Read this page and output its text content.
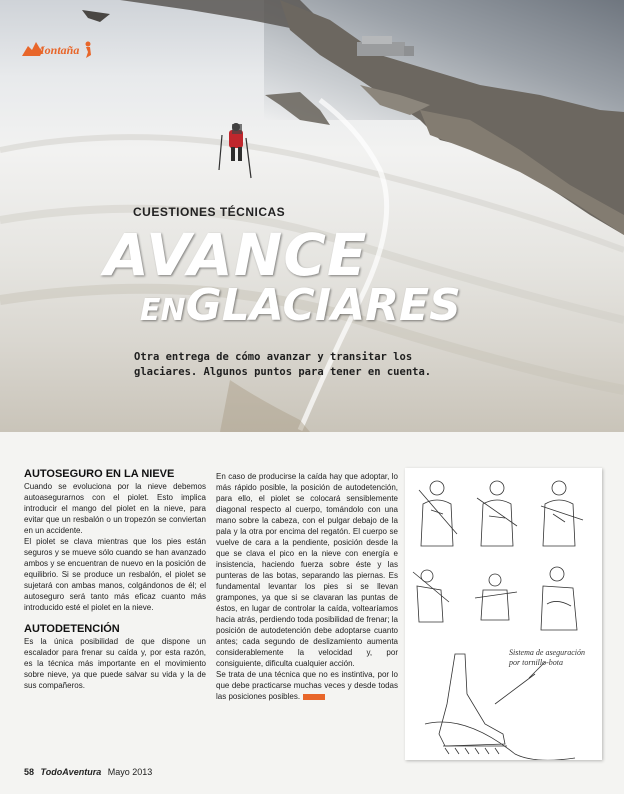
Montaña
CUESTIONES TÉCNICAS
AVANCE
ENGLACIARES
Otra entrega de cómo avanzar y transitar los glaciares. Algunos puntos para tener en cuenta.
AUTOSEGURO EN LA NIEVE

Cuando se evoluciona por la nieve debemos autoasegurarnos con el piolet. Esto implica introducir el mango del piolet en la nieve, para evitar que un resbalón o un tropezón se conviertan en un accidente.

El piolet se clava mientras que los pies están seguros y se mueve sólo cuando se han avanzado ambos y se encuentran de nuevo en la posición de equilibrio. Si se produce un resbalón, el piolet se sujetará con ambas manos, colgándonos de él; el autoseguro será tanto más eficaz cuanto más introducido esté el piolet en la nieve.

AUTODETENCIÓN

Es la única posibilidad de que dispone un escalador para frenar su caída y, por esta razón, es la técnica más importante en el movimiento sobre nieve, ya que puede salvar su vida y la de sus compañeros.

En caso de producirse la caída hay que adoptar, lo más rápido posible, la posición de autodetención, para ello, el piolet se colocará sensiblemente diagonal respecto al cuerpo, tomándolo con una mano sobre la cabeza, con el pulgar debajo de la pala y la otra por encima del regatón. El cuerpo se vuelve de cara a la pendiente, posición desde la que se clava el pico en la nieve con energía e insistencia, haciendo fuerza sobre éste y las punteras de las botas, separando las piernas. Es fundamental levantar los pies si se llevan grampones, ya que si se clavaran las puntas de éstos, en lugar de controlar la caída, voltearíamos hacia atrás, perdiendo toda posibilidad de frenar; la posición de autodetención debe adoptarse cuanto antes; cada segundo de deslizamiento aumenta considerablemente la velocidad y, por consiguiente, dificulta cualquier acción.

Se trata de una técnica que no es instintiva, por lo que debe practicarse muchas veces y desde todas las posiciones posibles.

Sistema de aseguración por tornillo-bota
58 TodoAventura Mayo 2013
